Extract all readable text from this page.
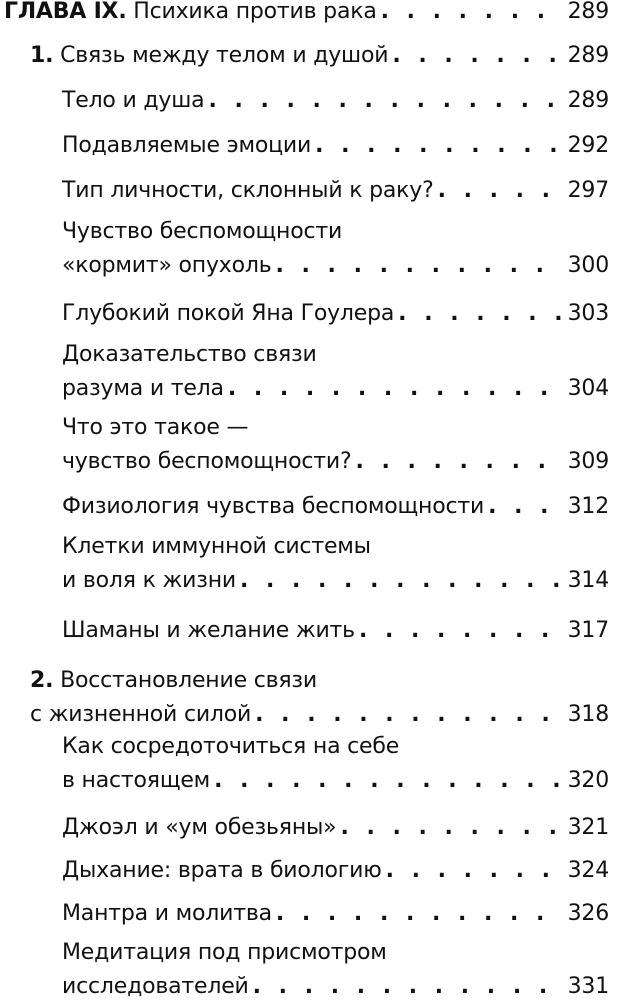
ГЛАВА IX.
Психика против рака . . .	289
1.
Связь между телом и душой . . .	289
Тело и душа . . .	289
Подавляемые эмоции . . .	292
Тип личности, склонный к раку? . . .	297
Чувство беспомощности
«кормит» опухоль . . .	300
Глубокий покой Яна Гоулера . . .	303
Доказательство связи
разума и тела . . .	304
Что это такое —
чувство беспомощности? . . .	309
Физиология чувства беспомощности . . .	312
Клетки иммунной системы
и воля к жизни . . .	314
Шаманы и желание жить . . .	317
2.
Восстановление связи
с жизненной силой . . .	318
Как сосредоточиться на себе
в настоящем . . .	320
Джоэл и «ум обезьяны» . . .	321
Дыхание: врата в биологию . . .	324
Мантра и молитва . . .	326
Медитация под присмотром
исследователей . . .	331
